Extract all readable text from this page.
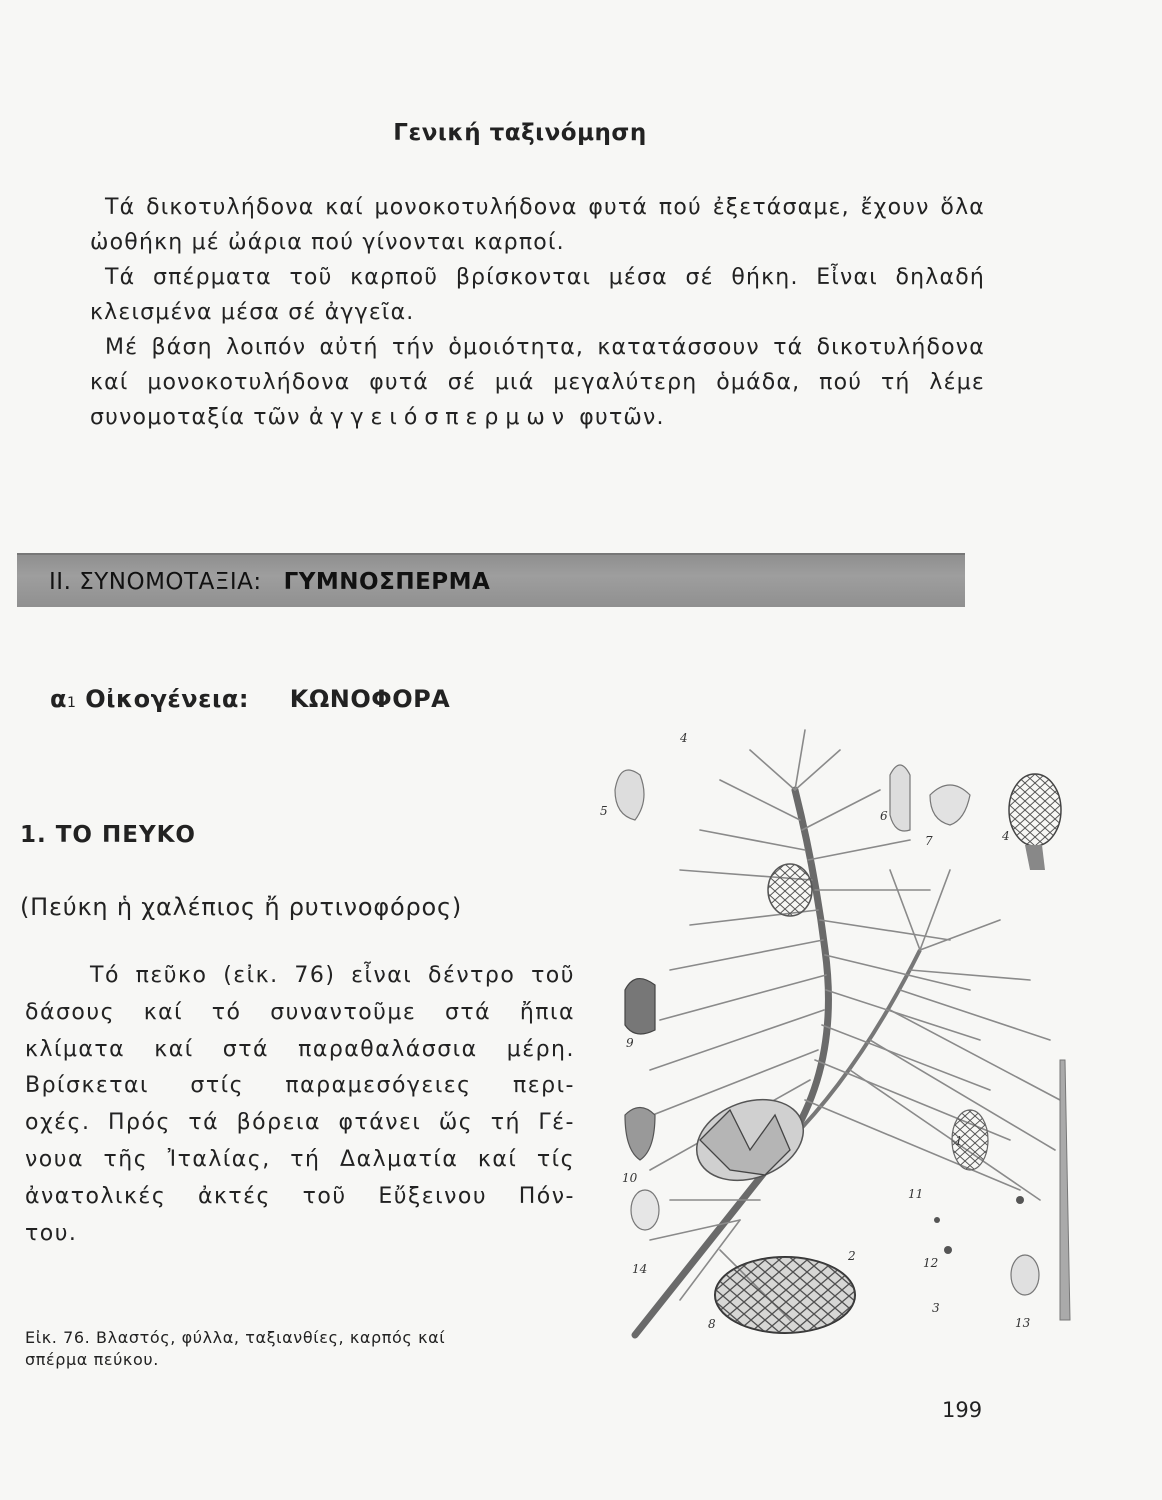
Γενική ταξινόμηση

Τά δικοτυλήδονα καί μονοκοτυλήδονα φυτά πού ἐξετάσαμε, ἔχουν ὅλα ὠοθήκη μέ ὠάρια πού γίνονται καρποί.

Τά σπέρματα τοῦ καρποῦ βρίσκονται μέσα σέ θήκη. Εἶναι δηλαδή κλεισμένα μέσα σέ ἀγγεῖα.

Μέ βάση λοιπόν αὐτή τήν ὁμοιότητα, κατατάσσουν τά δικοτυλήδονα καί μονοκοτυλήδονα φυτά σέ μιά μεγαλύτερη ὁμάδα, πού τή λέμε συνομοταξία τῶν ἀγγειόσπερμων φυτῶν.

II. ΣΥΝΟΜΟΤΑΞΙΑ: ΓΥΜΝΟΣΠΕΡΜΑ
α1 Οἰκογένεια: ΚΩΝΟΦΟΡΑ
1. ΤΟ ΠΕΥΚΟ
(Πεύκη ἡ χαλέπιος ἤ ρυτινοφόρος)
Τό πεῦκο (εἰκ. 76) εἶναι δέντρο τοῦ
δάσους καί τό συναντοῦμε στά ἤπια
κλίματα καί στά παραθαλάσσια μέρη.
Βρίσκεται στίς παραμεσόγειες περι-
οχές. Πρός τά βόρεια φτάνει ὥς τή Γέ-
νουα τῆς Ἰταλίας, τή Δαλματία καί τίς
ἀνατολικές ἀκτές τοῦ Εὔξεινου Πόν-
του.
Εἰκ. 76. Βλαστός, φύλλα, ταξιανθίες, καρπός καί
σπέρμα πεύκου.
4
5	6
7	4
9
10
1
11
12
2
14
3
13
8
199
